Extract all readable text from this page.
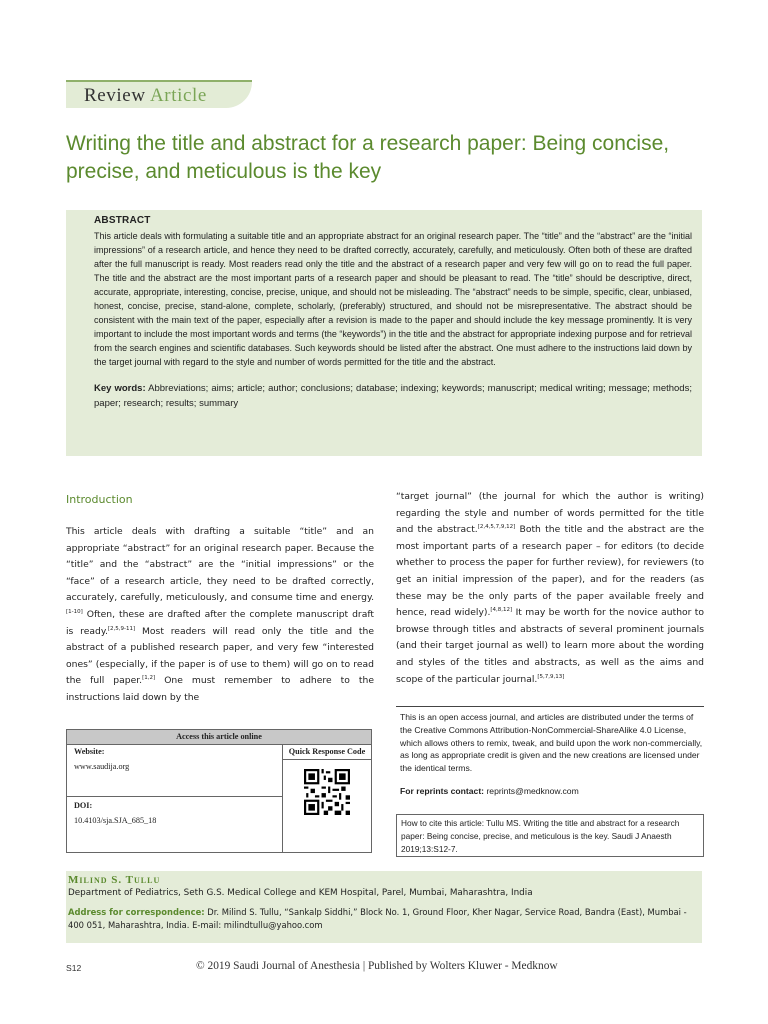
Review Article
Writing the title and abstract for a research paper: Being concise, precise, and meticulous is the key
ABSTRACT

This article deals with formulating a suitable title and an appropriate abstract for an original research paper. The “title” and the “abstract” are the “initial impressions” of a research article, and hence they need to be drafted correctly, accurately, carefully, and meticulously. Often both of these are drafted after the full manuscript is ready. Most readers read only the title and the abstract of a research paper and very few will go on to read the full paper. The title and the abstract are the most important parts of a research paper and should be pleasant to read. The “title” should be descriptive, direct, accurate, appropriate, interesting, concise, precise, unique, and should not be misleading. The “abstract” needs to be simple, specific, clear, unbiased, honest, concise, precise, stand-alone, complete, scholarly, (preferably) structured, and should not be misrepresentative. The abstract should be consistent with the main text of the paper, especially after a revision is made to the paper and should include the key message prominently. It is very important to include the most important words and terms (the “keywords”) in the title and the abstract for appropriate indexing purpose and for retrieval from the search engines and scientific databases. Such keywords should be listed after the abstract. One must adhere to the instructions laid down by the target journal with regard to the style and number of words permitted for the title and the abstract.

Key words: Abbreviations; aims; article; author; conclusions; database; indexing; keywords; manuscript; medical writing; message; methods; paper; research; results; summary

Introduction
This article deals with drafting a suitable “title” and an appropriate “abstract” for an original research paper. Because the “title” and the “abstract” are the “initial impressions” or the “face” of a research article, they need to be drafted correctly, accurately, carefully, meticulously, and consume time and energy.[1-10] Often, these are drafted after the complete manuscript draft is ready.[2,5,9-11] Most readers will read only the title and the abstract of a published research paper, and very few “interested ones” (especially, if the paper is of use to them) will go on to read the full paper.[1,2] One must remember to adhere to the instructions laid down by the
“target journal” (the journal for which the author is writing) regarding the style and number of words permitted for the title and the abstract.[2,4,5,7,9,12] Both the title and the abstract are the most important parts of a research paper – for editors (to decide whether to process the paper for further review), for reviewers (to get an initial impression of the paper), and for the readers (as these may be the only parts of the paper available freely and hence, read widely).[4,8,12] It may be worth for the novice author to browse through titles and abstracts of several prominent journals (and their target journal as well) to learn more about the wording and styles of the titles and abstracts, as well as the aims and scope of the particular journal.[5,7,9,13]
Access this article online
Website:
www.saudija.org
DOI:
10.4103/sja.SJA_685_18
Quick Response Code
This is an open access journal, and articles are distributed under the terms of the Creative Commons Attribution-NonCommercial-ShareAlike 4.0 License, which allows others to remix, tweak, and build upon the work non-commercially, as long as appropriate credit is given and the new creations are licensed under the identical terms.
For reprints contact: reprints@medknow.com
How to cite this article: Tullu MS. Writing the title and abstract for a research paper: Being concise, precise, and meticulous is the key. Saudi J Anaesth 2019;13:S12-7.
Milind S. Tullu
Department of Pediatrics, Seth G.S. Medical College and KEM Hospital, Parel, Mumbai, Maharashtra, India
Address for correspondence: Dr. Milind S. Tullu, “Sankalp Siddhi,” Block No. 1, Ground Floor, Kher Nagar, Service Road, Bandra (East), Mumbai - 400 051, Maharashtra, India. E-mail: milindtullu@yahoo.com
S12	© 2019 Saudi Journal of Anesthesia | Published by Wolters Kluwer - Medknow
